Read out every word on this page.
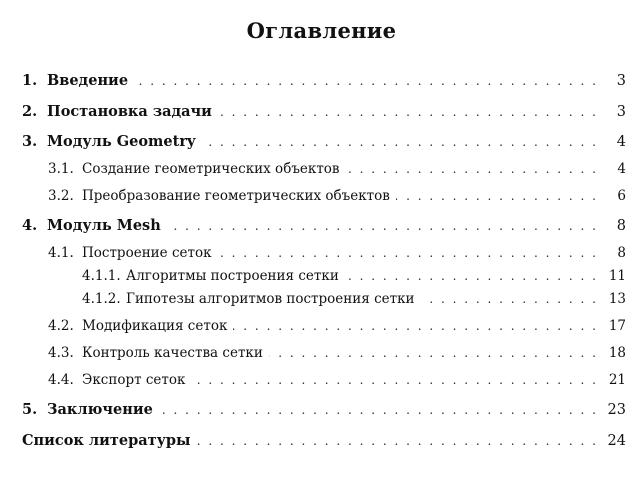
Оглавление
1. Введение . . .	3
2. Постановка задачи . . .	3
3. Модуль Geometry . . .	4
3.1. Создание геометрических объектов . . .	4
3.2. Преобразование геометрических объектов . . .	6
4. Модуль Mesh . . .	8
4.1. Построение сеток . . .	8
4.1.1. Алгоритмы построения сетки . . .	11
4.1.2. Гипотезы алгоритмов построения сетки . . .	13
4.2. Модификация сеток . . .	17
4.3. Контроль качества сетки . . .	18
4.4. Экспорт сеток . . .	21
5. Заключение . . .	23
Список литературы . . .	24
